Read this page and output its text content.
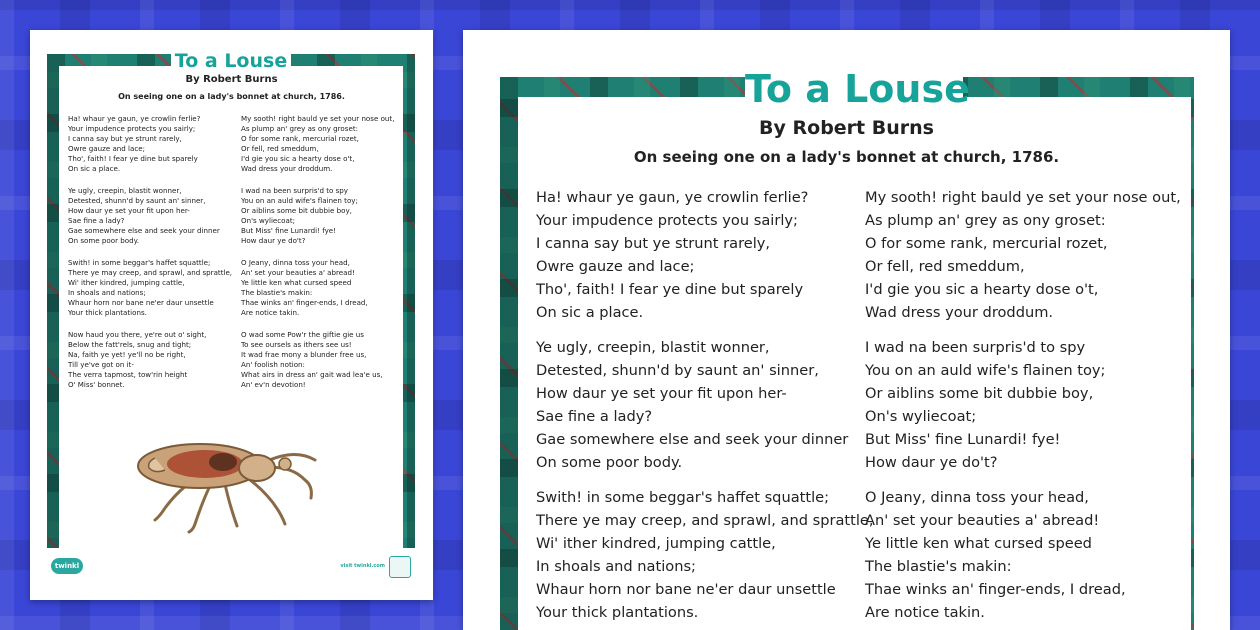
To a Louse
By Robert Burns
On seeing one on a lady's bonnet at church, 1786.
Ha! whaur ye gaun, ye crowlin ferlie?
Your impudence protects you sairly;
I canna say but ye strunt rarely,
Owre gauze and lace;
Tho', faith! I fear ye dine but sparely
On sic a place.
Ye ugly, creepin, blastit wonner,
Detested, shunn'd by saunt an' sinner,
How daur ye set your fit upon her-
Sae fine a lady?
Gae somewhere else and seek your dinner
On some poor body.
Swith! in some beggar's haffet squattle;
There ye may creep, and sprawl, and sprattle,
Wi' ither kindred, jumping cattle,
In shoals and nations;
Whaur horn nor bane ne'er daur unsettle
Your thick plantations.
Now haud you there, ye're out o' sight,
Below the fatt'rels, snug and tight;
Na, faith ye yet! ye'll no be right,
Till ye've got on it-
The verra tapmost, tow'rin height
O' Miss' bonnet.
My sooth! right bauld ye set your nose out,
As plump an' grey as ony groset:
O for some rank, mercurial rozet,
Or fell, red smeddum,
I'd gie you sic a hearty dose o't,
Wad dress your droddum.
I wad na been surpris'd to spy
You on an auld wife's flainen toy;
Or aiblins some bit dubbie boy,
On's wyliecoat;
But Miss' fine Lunardi! fye!
How daur ye do't?
O Jeany, dinna toss your head,
An' set your beauties a' abread!
Ye little ken what cursed speed
The blastie's makin:
Thae winks an' finger-ends, I dread,
Are notice takin.
O wad some Pow'r the giftie gie us
To see oursels as ithers see us!
It wad frae mony a blunder free us,
An' foolish notion:
What airs in dress an' gait wad lea'e us,
An' ev'n devotion!
twinkl	visit twinkl.com
To a Louse
By Robert Burns
On seeing one on a lady's bonnet at church, 1786.
Ha! whaur ye gaun, ye crowlin ferlie?
Your impudence protects you sairly;
I canna say but ye strunt rarely,
Owre gauze and lace;
Tho', faith! I fear ye dine but sparely
On sic a place.
Ye ugly, creepin, blastit wonner,
Detested, shunn'd by saunt an' sinner,
How daur ye set your fit upon her-
Sae fine a lady?
Gae somewhere else and seek your dinner
On some poor body.
Swith! in some beggar's haffet squattle;
There ye may creep, and sprawl, and sprattle,
Wi' ither kindred, jumping cattle,
In shoals and nations;
Whaur horn nor bane ne'er daur unsettle
Your thick plantations.
My sooth! right bauld ye set your nose out,
As plump an' grey as ony groset:
O for some rank, mercurial rozet,
Or fell, red smeddum,
I'd gie you sic a hearty dose o't,
Wad dress your droddum.
I wad na been surpris'd to spy
You on an auld wife's flainen toy;
Or aiblins some bit dubbie boy,
On's wyliecoat;
But Miss' fine Lunardi! fye!
How daur ye do't?
O Jeany, dinna toss your head,
An' set your beauties a' abread!
Ye little ken what cursed speed
The blastie's makin:
Thae winks an' finger-ends, I dread,
Are notice takin.
